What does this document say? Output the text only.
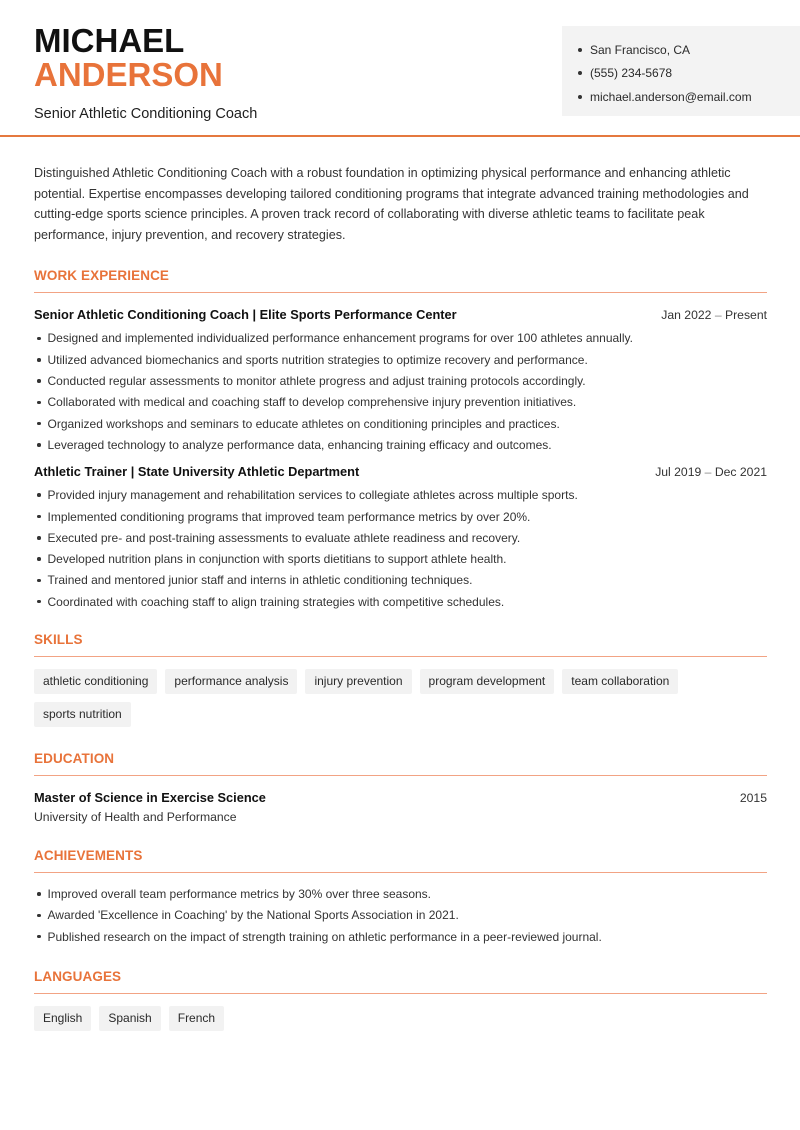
MICHAEL
ANDERSON
Senior Athletic Conditioning Coach
San Francisco, CA
(555) 234-5678
michael.anderson@email.com

Distinguished Athletic Conditioning Coach with a robust foundation in optimizing physical performance and enhancing athletic potential. Expertise encompasses developing tailored conditioning programs that integrate advanced training methodologies and cutting-edge sports science principles. A proven track record of collaborating with diverse athletic teams to facilitate peak performance, injury prevention, and recovery strategies.

WORK EXPERIENCE
Senior Athletic Conditioning Coach | Elite Sports Performance Center	Jan 2022 – Present
Designed and implemented individualized performance enhancement programs for over 100 athletes annually.
Utilized advanced biomechanics and sports nutrition strategies to optimize recovery and performance.
Conducted regular assessments to monitor athlete progress and adjust training protocols accordingly.
Collaborated with medical and coaching staff to develop comprehensive injury prevention initiatives.
Organized workshops and seminars to educate athletes on conditioning principles and practices.
Leveraged technology to analyze performance data, enhancing training efficacy and outcomes.
Athletic Trainer | State University Athletic Department	Jul 2019 – Dec 2021
Provided injury management and rehabilitation services to collegiate athletes across multiple sports.
Implemented conditioning programs that improved team performance metrics by over 20%.
Executed pre- and post-training assessments to evaluate athlete readiness and recovery.
Developed nutrition plans in conjunction with sports dietitians to support athlete health.
Trained and mentored junior staff and interns in athletic conditioning techniques.
Coordinated with coaching staff to align training strategies with competitive schedules.
SKILLS
athletic conditioning	performance analysis	injury prevention	program development	team collaboration
sports nutrition
EDUCATION
Master of Science in Exercise Science	2015
University of Health and Performance
ACHIEVEMENTS
Improved overall team performance metrics by 30% over three seasons.
Awarded 'Excellence in Coaching' by the National Sports Association in 2021.
Published research on the impact of strength training on athletic performance in a peer-reviewed journal.
LANGUAGES
English	Spanish	French
